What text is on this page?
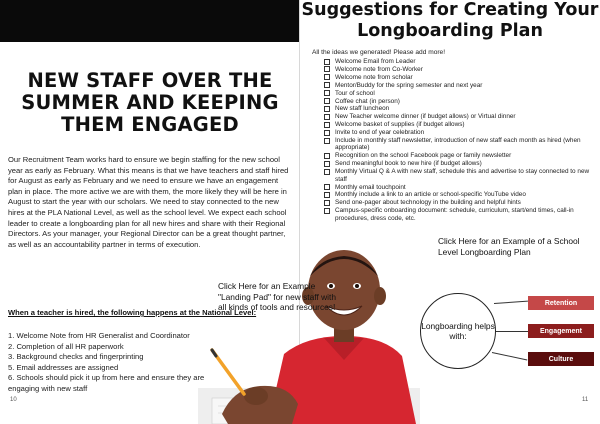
LONGBOARDING OUR
NEW STAFF OVER THE
SUMMER AND KEEPING
THEM ENGAGED

Our Recruitment Team works hard to ensure we begin staffing for the new school year as early as February. What this means is that we have teachers and staff hired for August as early as February and we need to ensure we have an engagement plan in place. The more active we are with them, the more likely they will be here in August to start the year with our scholars. We need to stay connected to the new hires at the PLA National Level, as well as the school level. We expect each school leader to create a longboarding plan for all new hires and share with their Regional Directors. As your manager, your Regional Director can be a great thought partner, as well as an accountability partner in terms of execution.

When a teacher is hired, the following happens at the National Level:

1. Welcome Note from HR Generalist and Coordinator
2. Completion of all HR paperwork
3. Background checks and fingerprinting
5. Email addresses are assigned
6. Schools should pick it up from here and ensure they are engaging with new staff
10
Suggestions for Creating Your
Longboarding Plan

All the ideas we generated! Please add more!

Welcome Email from Leader
Welcome note from Co-Worker
Welcome note from scholar
Mentor/Buddy for the spring semester and next year
Tour of school
Coffee chat (in person)
New staff luncheon
New Teacher welcome dinner (if budget allows) or Virtual dinner
Welcome basket of supplies (if budget allows)
Invite to end of year celebration
Include in monthly staff newsletter, introduction of new staff each month as hired (when appropriate)
Recognition on the school Facebook page or family newsletter
Send meaningful book to new hire (if budget allows)
Monthly Virtual Q & A with new staff, schedule this and advertise to stay connected to new staff
Monthly email touchpoint
Monthly include a link to an article or school-specific YouTube video
Send one-pager about technology in the building and helpful hints
Campus-specific onboarding document: schedule, curriculum, start/end times, call-in procedures, dress code, etc.
11
Click Here for an Example of a School Level Longboarding Plan
Click Here for an Example "Landing Pad" for new staff with all kinds of tools and resources!
Longboarding helps with:
Retention
Engagement
Culture
